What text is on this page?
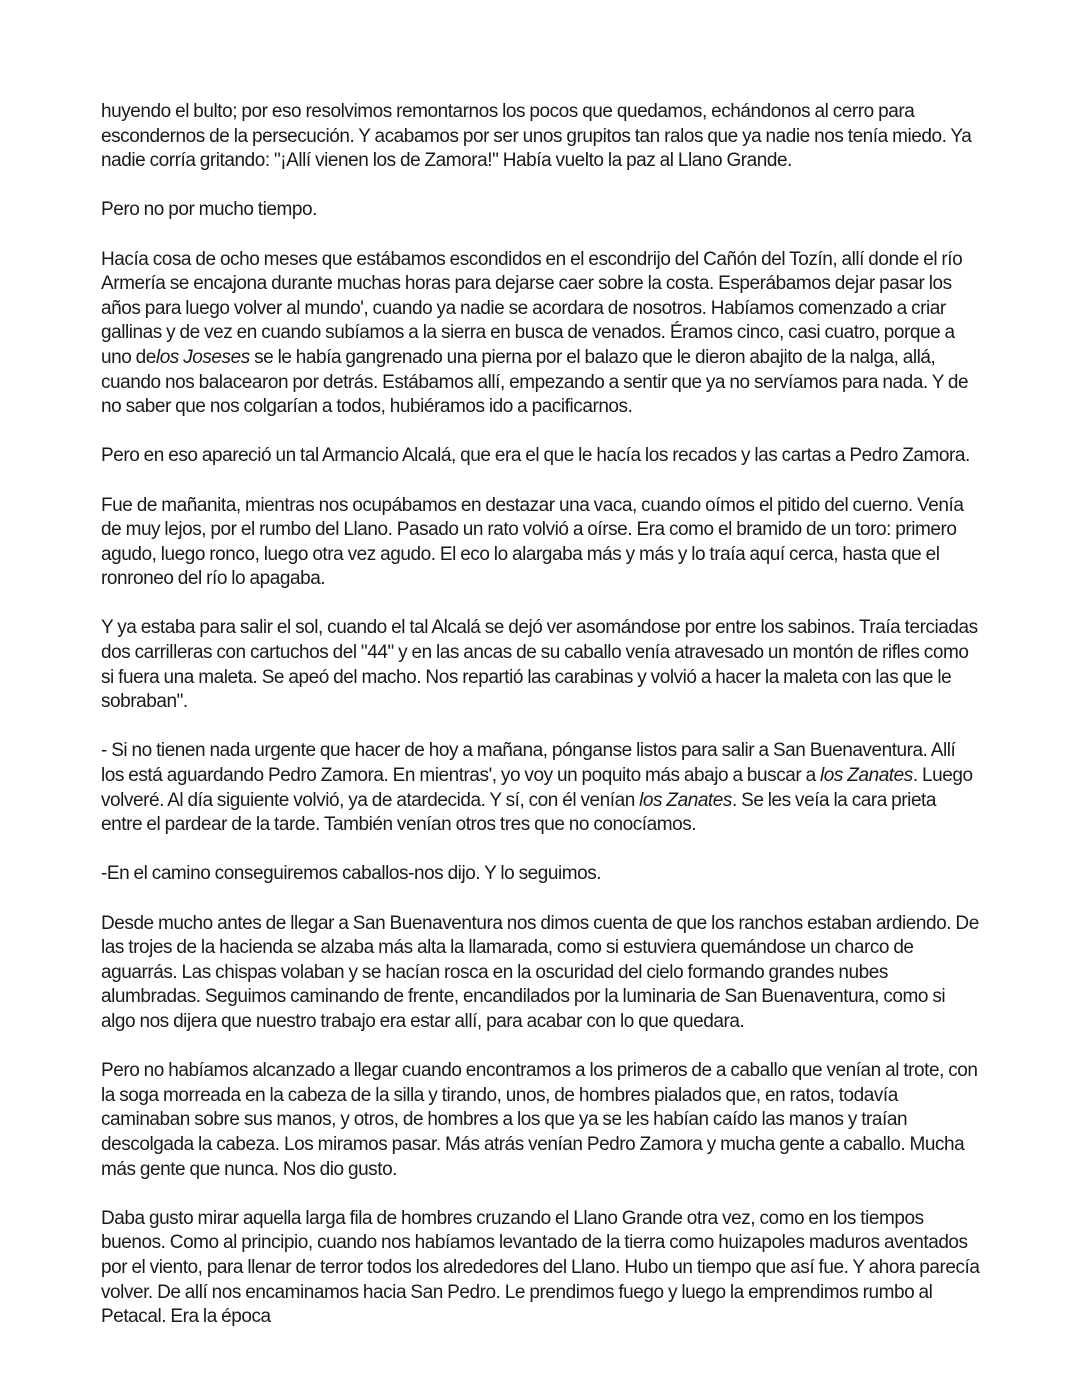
huyendo el bulto; por eso resolvimos remontarnos los pocos que quedamos, echándonos al cerro para escondernos de la persecución. Y acabamos por ser unos grupitos tan ralos que ya nadie nos tenía miedo. Ya nadie corría gritando: "¡Allí vienen los de Zamora!" Había vuelto la paz al Llano Grande.

Pero no por mucho tiempo.

Hacía cosa de ocho meses que estábamos escondidos en el escondrijo del Cañón del Tozín, allí donde el río Armería se encajona durante muchas horas para dejarse caer sobre la costa. Esperábamos dejar pasar los años para luego volver al mundo', cuando ya nadie se acordara de nosotros. Habíamos comenzado a criar gallinas y de vez en cuando subíamos a la sierra en busca de venados. Éramos cinco, casi cuatro, porque a uno delos Joseses se le había gangrenado una pierna por el balazo que le dieron abajito de la nalga, allá, cuando nos balacearon por detrás. Estábamos allí, empezando a sentir que ya no servíamos para nada. Y de no saber que nos colgarían a todos, hubiéramos ido a pacificarnos.

Pero en eso apareció un tal Armancio Alcalá, que era el que le hacía los recados y las cartas a Pedro Zamora.

Fue de mañanita, mientras nos ocupábamos en destazar una vaca, cuando oímos el pitido del cuerno. Venía de muy lejos, por el rumbo del Llano. Pasado un rato volvió a oírse. Era como el bramido de un toro: primero agudo, luego ronco, luego otra vez agudo. El eco lo alargaba más y más y lo traía aquí cerca, hasta que el ronroneo del río lo apagaba.

Y ya estaba para salir el sol, cuando el tal Alcalá se dejó ver asomándose por entre los sabinos. Traía terciadas dos carrilleras con cartuchos del "44" y en las ancas de su caballo venía atravesado un montón de rifles como si fuera una maleta. Se apeó del macho. Nos repartió las carabinas y volvió a hacer la maleta con las que le sobraban".

- Si no tienen nada urgente que hacer de hoy a mañana, pónganse listos para salir a San Buenaventura. Allí los está aguardando Pedro Zamora. En mientras', yo voy un poquito más abajo a buscar a los Zanates. Luego volveré. Al día siguiente volvió, ya de atardecida. Y sí, con él venían los Zanates. Se les veía la cara prieta entre el pardear de la tarde. También venían otros tres que no conocíamos.

-En el camino conseguiremos caballos-nos dijo. Y lo seguimos.

Desde mucho antes de llegar a San Buenaventura nos dimos cuenta de que los ranchos estaban ardiendo. De las trojes de la hacienda se alzaba más alta la llamarada, como si estuviera quemándose un charco de aguarrás. Las chispas volaban y se hacían rosca en la oscuridad del cielo formando grandes nubes alumbradas. Seguimos caminando de frente, encandilados por la luminaria de San Buenaventura, como si algo nos dijera que nuestro trabajo era estar allí, para acabar con lo que quedara.

Pero no habíamos alcanzado a llegar cuando encontramos a los primeros de a caballo que venían al trote, con la soga morreada en la cabeza de la silla y tirando, unos, de hombres pialados que, en ratos, todavía caminaban sobre sus manos, y otros, de hombres a los que ya se les habían caído las manos y traían descolgada la cabeza. Los miramos pasar. Más atrás venían Pedro Zamora y mucha gente a caballo. Mucha más gente que nunca. Nos dio gusto.

Daba gusto mirar aquella larga fila de hombres cruzando el Llano Grande otra vez, como en los tiempos buenos. Como al principio, cuando nos habíamos levantado de la tierra como huizapoles maduros aventados por el viento, para llenar de terror todos los alrededores del Llano. Hubo un tiempo que así fue. Y ahora parecía volver. De allí nos encaminamos hacia San Pedro. Le prendimos fuego y luego la emprendimos rumbo al Petacal. Era la época
